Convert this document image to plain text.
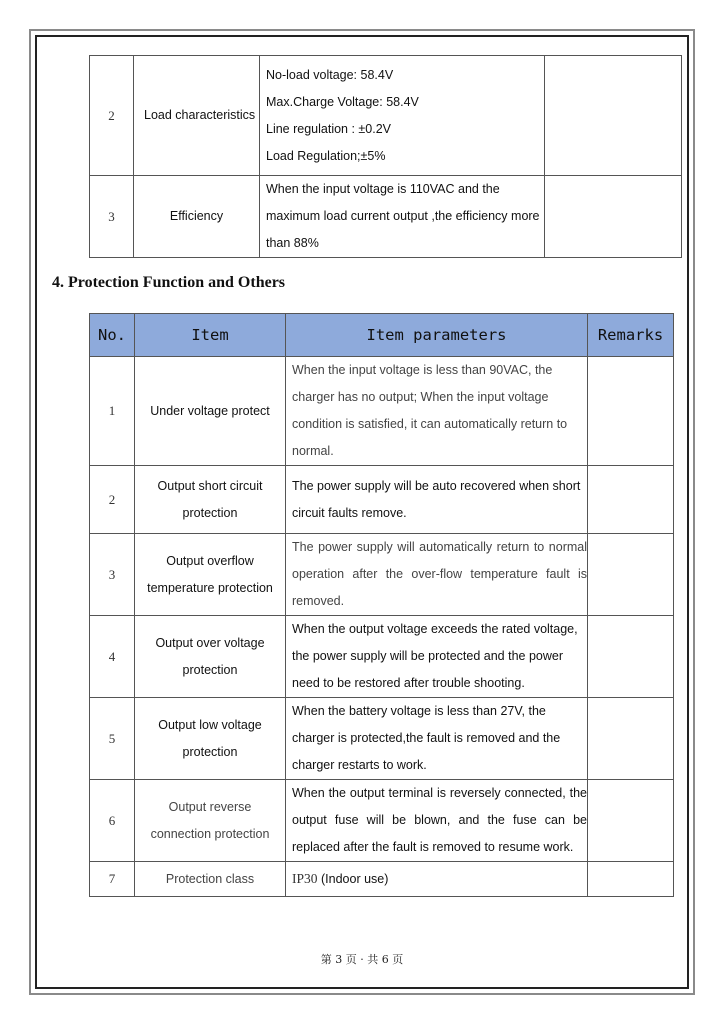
2	Load characteristics	No-load voltage: 58.4V
Max.Charge Voltage: 58.4V
Line regulation : ±0.2V
Load Regulation;±5%	

3	Efficiency	When the input voltage is 110VAC and the
maximum load current output ,the efficiency more
than 88%	

4. Protection Function and Others
No.	Item	Item parameters	Remarks
1	Under voltage protect	When the input voltage is less than 90VAC, the
charger has no output; When the input voltage
condition is satisfied, it can automatically return to
normal.	

2	Output short circuit
protection	The power supply will be auto recovered when short
circuit faults remove.	

3	Output overflow
temperature protection	The power supply will automatically return to normal
operation after the over-flow temperature fault is
removed.	

4	Output over voltage
protection	When the output voltage exceeds the rated voltage,
the power supply will be protected and the power
need to be restored after trouble shooting.	

5	Output low voltage
protection	When the battery voltage is less than 27V, the
charger is protected,the fault is removed and the
charger restarts to work.	

6	Output reverse
connection protection	When the output terminal is reversely connected, the
output fuse will be blown, and the fuse can be
replaced after the fault is removed to resume work.	

7	Protection class	IP30 (Indoor use)	
第 3 页 · 共 6 页
